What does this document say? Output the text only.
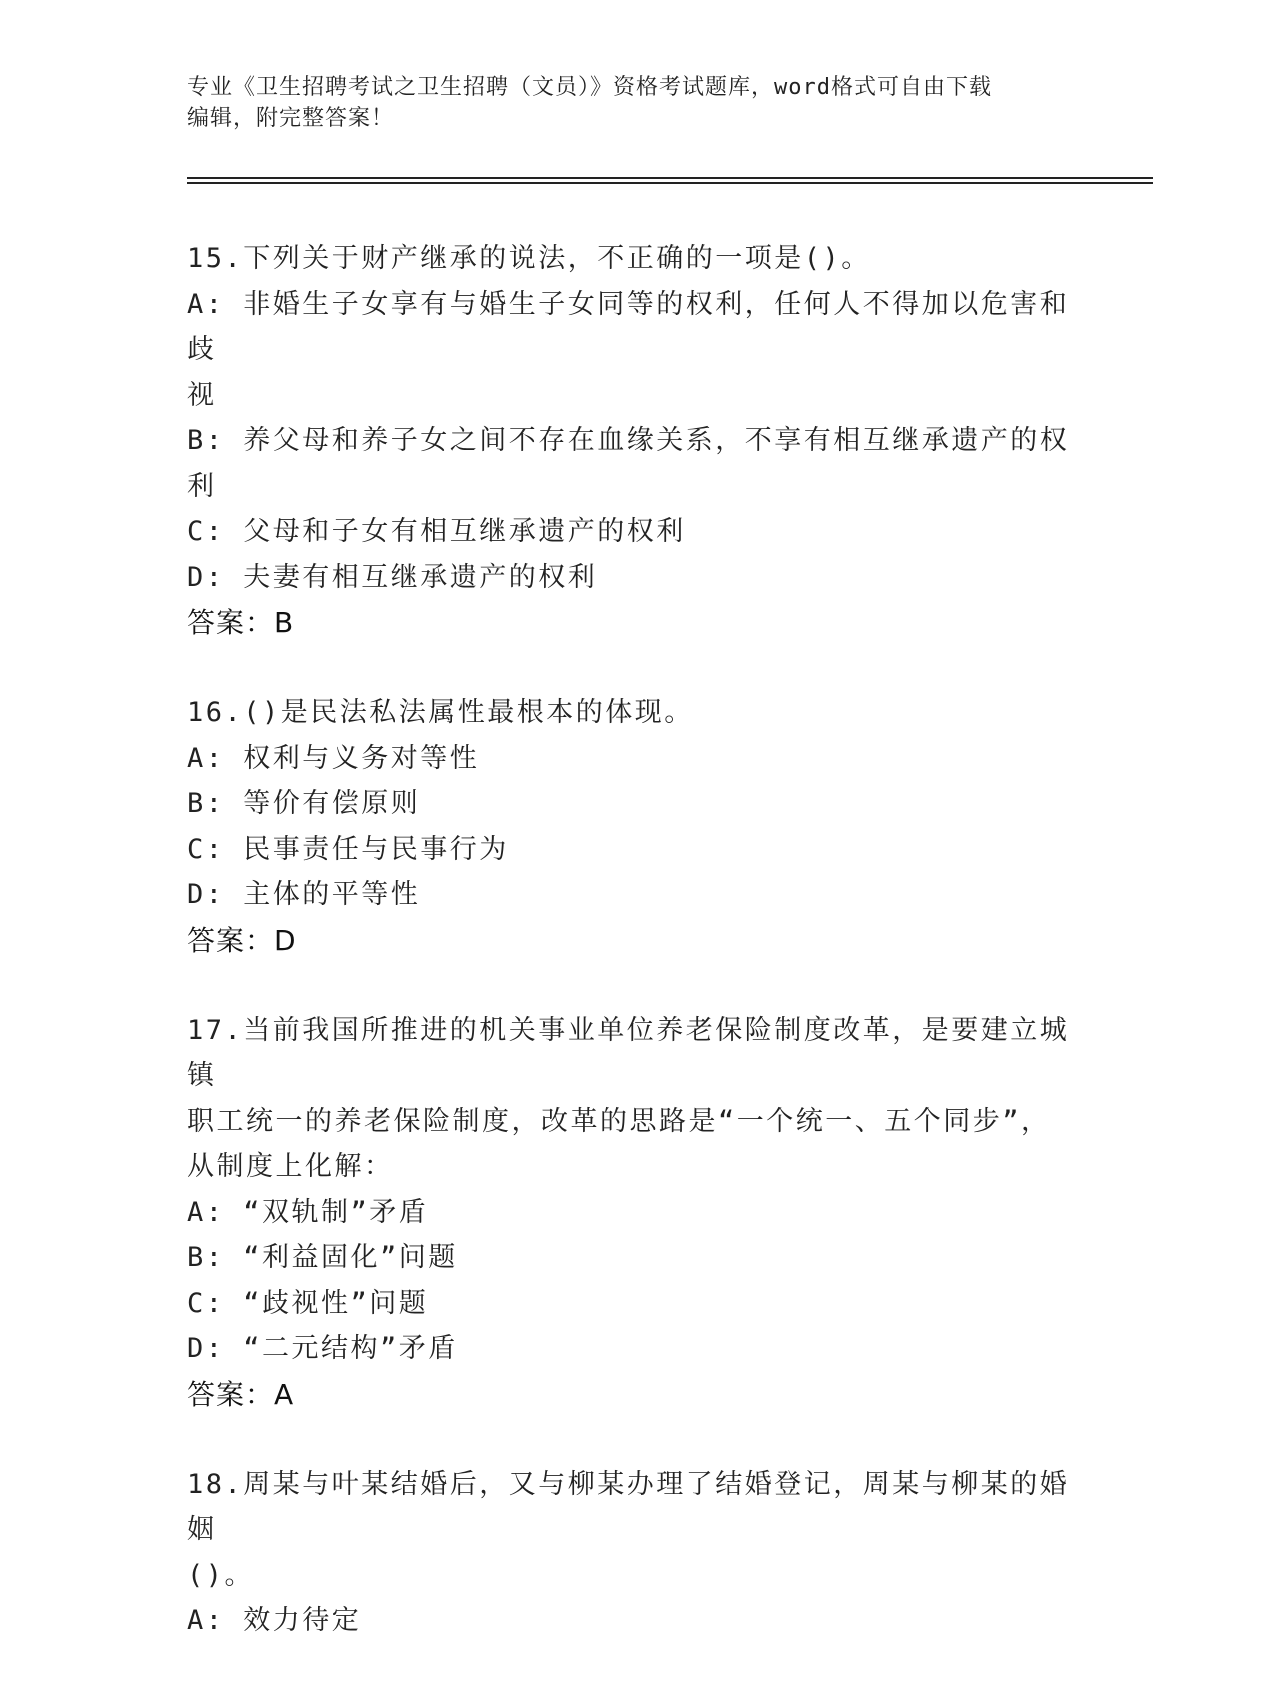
专业《卫生招聘考试之卫生招聘（文员）》资格考试题库，word格式可自由下载
编辑，附完整答案！
15.下列关于财产继承的说法，不正确的一项是()。
A: 非婚生子女享有与婚生子女同等的权利，任何人不得加以危害和歧
视
B: 养父母和养子女之间不存在血缘关系，不享有相互继承遗产的权利
C: 父母和子女有相互继承遗产的权利
D: 夫妻有相互继承遗产的权利
答案：B
16.()是民法私法属性最根本的体现。
A: 权利与义务对等性
B: 等价有偿原则
C: 民事责任与民事行为
D: 主体的平等性
答案：D
17.当前我国所推进的机关事业单位养老保险制度改革，是要建立城镇
职工统一的养老保险制度，改革的思路是“一个统一、五个同步”，
从制度上化解：
A: “双轨制”矛盾
B: “利益固化”问题
C: “歧视性”问题
D: “二元结构”矛盾
答案：A
18.周某与叶某结婚后，又与柳某办理了结婚登记，周某与柳某的婚姻
()。
A: 效力待定
